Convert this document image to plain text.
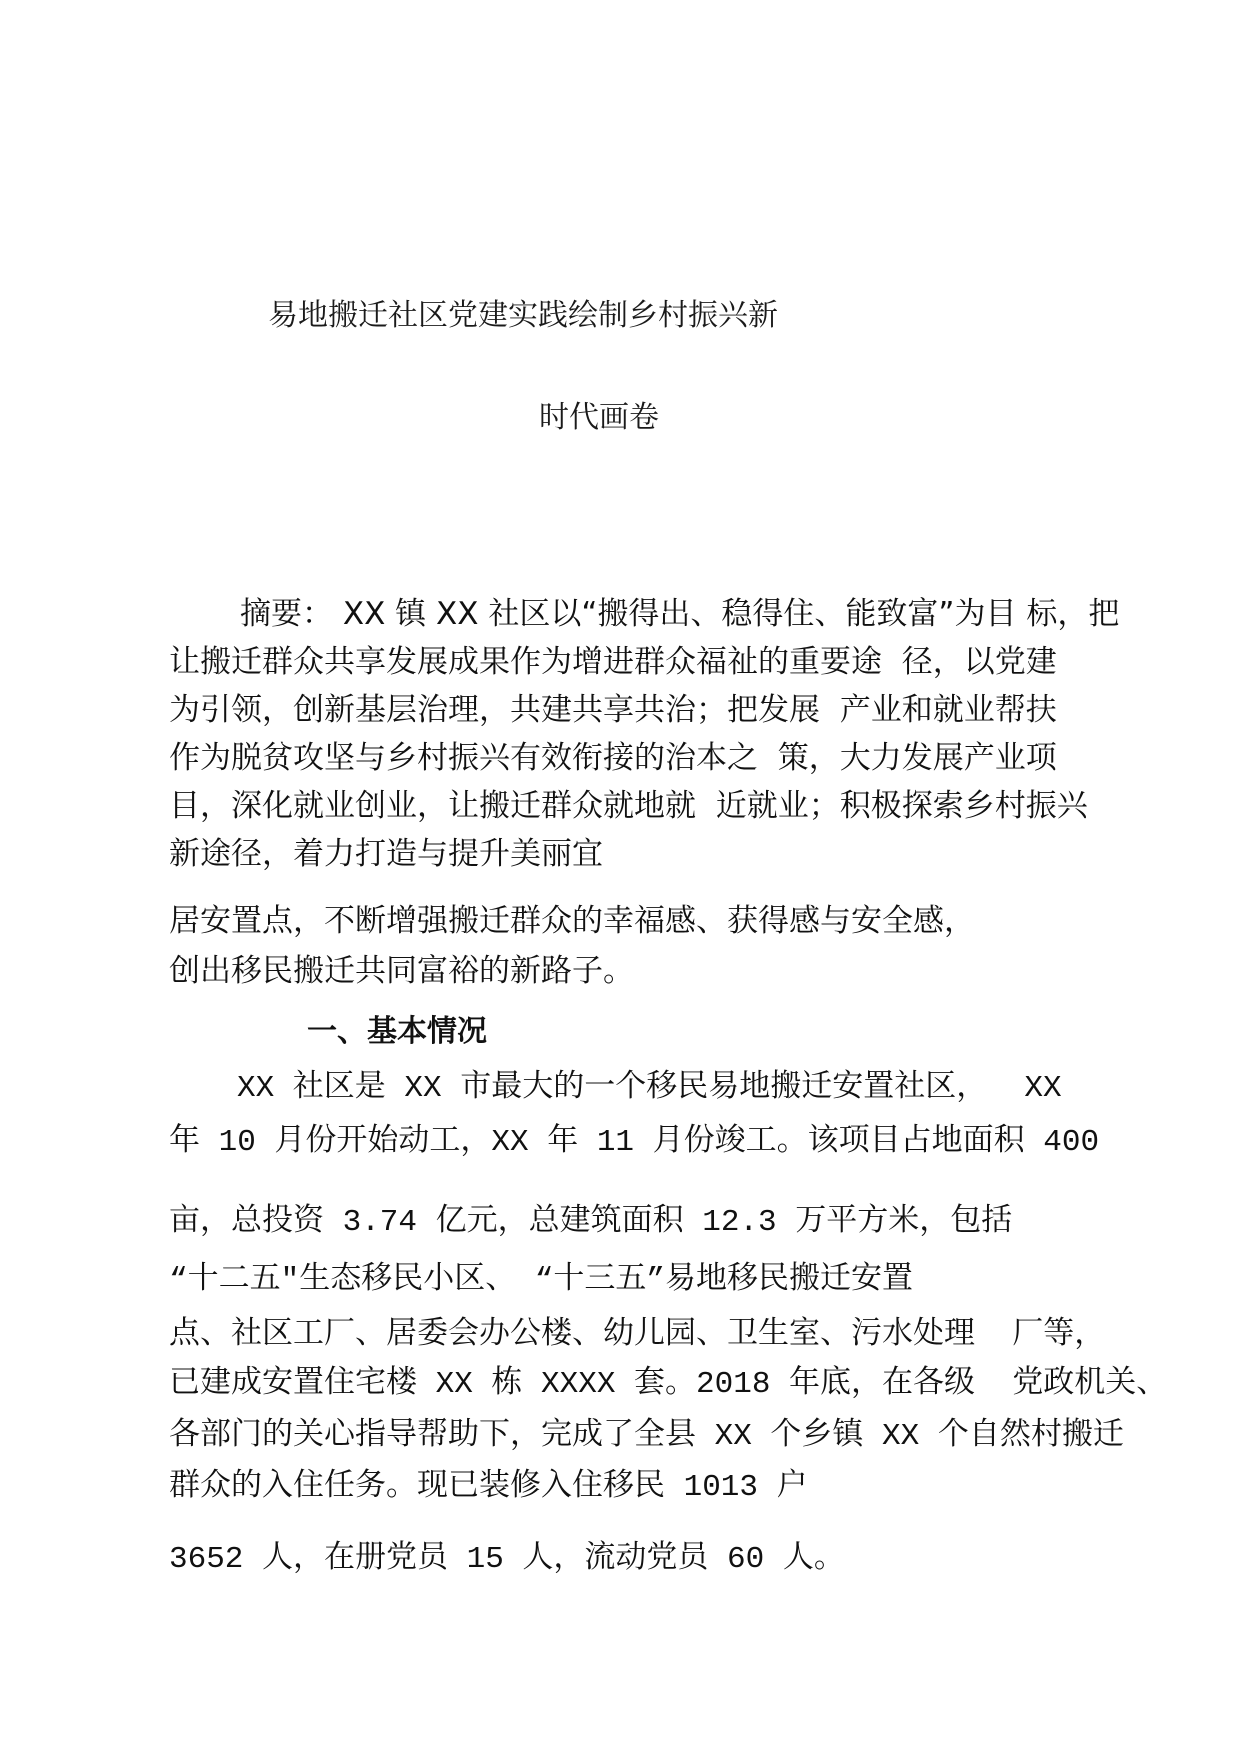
易地搬迁社区党建实践绘制乡村振兴新
时代画卷
摘要： XX 镇 XX 社区以“搬得出、稳得住、能致富”为目 标，把
让搬迁群众共享发展成果作为增进群众福祉的重要途  径，以党建
为引领，创新基层治理，共建共享共治；把发展  产业和就业帮扶
作为脱贫攻坚与乡村振兴有效衔接的治本之  策，大力发展产业项
目，深化就业创业，让搬迁群众就地就  近就业；积极探索乡村振兴
新途径，着力打造与提升美丽宜
居安置点，不断增强搬迁群众的幸福感、获得感与安全感，
创出移民搬迁共同富裕的新路子。
一、基本情况
XX 社区是 XX 市最大的一个移民易地搬迁安置社区，  XX
年 10 月份开始动工，XX 年 11 月份竣工。该项目占地面积 400
亩，总投资 3.74 亿元，总建筑面积 12.3 万平方米，包括
“十二五"生态移民小区、 “十三五”易地移民搬迁安置
点、社区工厂、居委会办公楼、幼儿园、卫生室、污水处理  厂等，
已建成安置住宅楼 XX 栋 XXXX 套。2018 年底，在各级  党政机关、
各部门的关心指导帮助下，完成了全县 XX 个乡镇 XX 个自然村搬迁
群众的入住任务。现已装修入住移民 1013 户
3652 人，在册党员 15 人，流动党员 60 人。
